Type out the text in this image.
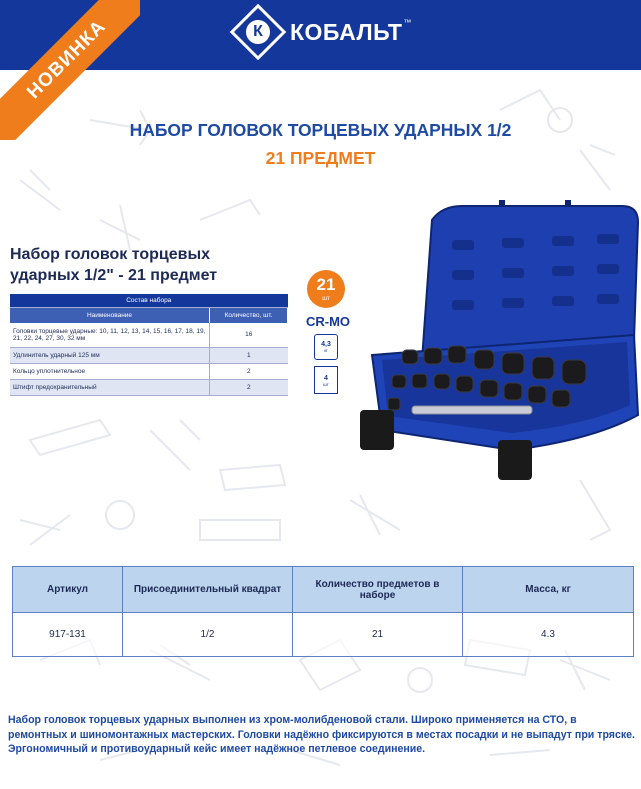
К	КОБАЛЬТ ™
НОВИНКА
НАБОР ГОЛОВОК ТОРЦЕВЫХ УДАРНЫХ 1/2
21 ПРЕДМЕТ
Набор головок торцевых
ударных 1/2" - 21 предмет
Состав набора	
Наименование	Количество, шт.
Головки торцевые ударные: 10, 11, 12, 13, 14, 15, 16, 17, 18, 19, 21, 22, 24, 27, 30, 32 мм	16
Удлинитель ударный 125 мм	1
Кольцо уплотнительное	2
Штифт предохранительный	2
21
шт
CR-MO
4,3
кг
4
шт
Артикул	Присоединительный квадрат	Количество предметов в наборе	Масса, кг
917-131	1/2	21	4.3
Набор головок торцевых ударных выполнен из хром-молибденовой стали. Широко применяется на СТО, в ремонтных и шиномонтажных мастерских. Головки надёжно фиксируются в местах посадки и не выпадут при тряске. Эргономичный и противоударный кейс имеет надёжное петлевое соединение.
